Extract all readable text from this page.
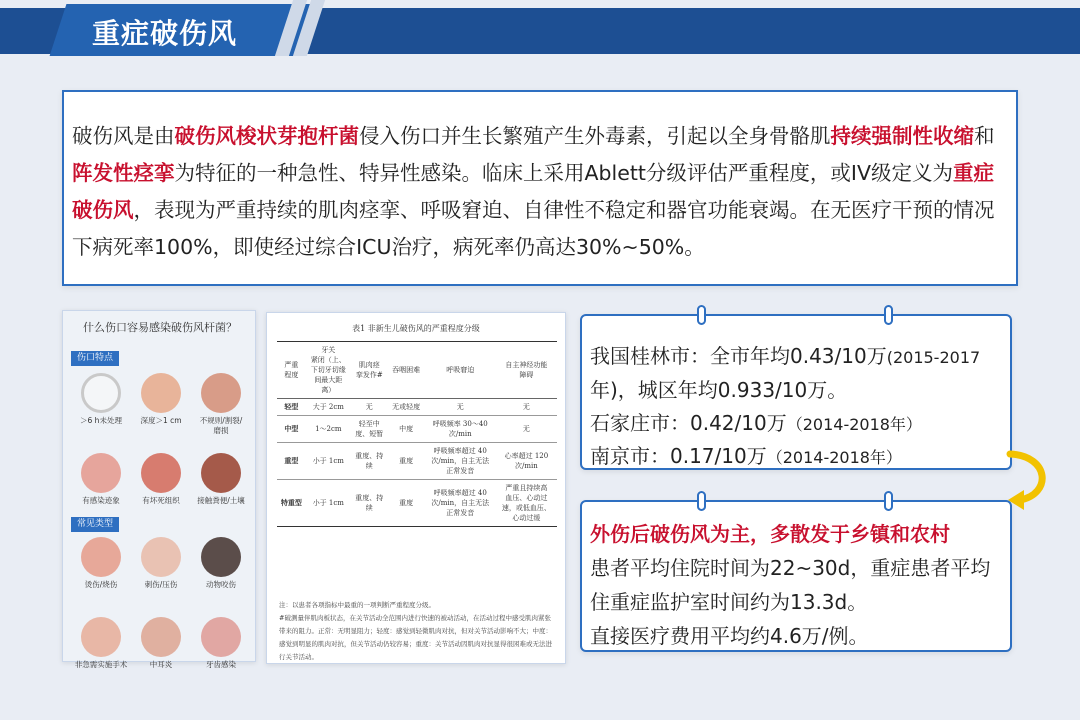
重症破伤风
破伤风是由破伤风梭状芽抱杆菌侵入伤口并生长繁殖产生外毒素，引起以全身骨骼肌持续强制性收缩和阵发性痉挛为特征的一种急性、特异性感染。临床上采用Ablett分级评估严重程度，或IV级定义为重症破伤风，表现为严重持续的肌肉痉挛、呼吸窘迫、自律性不稳定和器官功能衰竭。在无医疗干预的情况下病死率100%，即使经过综合ICU治疗，病死率仍高达30%~50%。
什么伤口容易感染破伤风杆菌？
伤口特点
＞6 h未处理	深度＞1 cm	不规则/割裂/
磨损
有感染迹象	有坏死组织	接触粪便/土壤
常见类型
烫伤/烧伤	刺伤/压伤	动物咬伤
非急需实施手术	中耳炎	牙齿感染
表1 非新生儿破伤风的严重程度分级
严重
程度	牙关
紧闭（上、
下切牙切缘
间最大距
离）	肌肉痉
挛发作#	吞咽困难	呼吸窘迫	自主神经功能
障碍
轻型	大于 2cm	无	无或轻度	无	无
中型	1～2cm	轻至中
度、短暂	中度	呼吸频率 30～40
次/min	无
重型	小于 1cm	重度、持
续	重度	呼吸频率超过 40
次/min，自主无法
正常发音	心率超过 120
次/min
特重型	小于 1cm	重度、持
续	重度	呼吸频率超过 40
次/min，自主无法
正常发音	严重且持续高
血压、心动过
速，或低血压、
心动过缓
注：以患者各项指标中最重的一项判断严重程度分级。
#破测量伴肌肉板状态，在关节活动全范围内进行快速的被动活动，在活动过程中感受肌肉紧张带来的阻力。正常：无明显阻力；轻度：感觉到轻微肌肉对抗，但对关节活动影响不大；中度：感觉到明显的肌肉对抗，但关节活动仍较容易；重度：关节活动因肌肉对抗显得很困难或无法进行关节活动。
我国桂林市：全市年均0.43/10万(2015-2017
年)，城区年均0.933/10万。
石家庄市：0.42/10万（2014-2018年）
南京市：0.17/10万（2014-2018年）
外伤后破伤风为主，多散发于乡镇和农村
患者平均住院时间为22~30d，重症患者平均
住重症监护室时间约为13.3d。
直接医疗费用平均约4.6万/例。
